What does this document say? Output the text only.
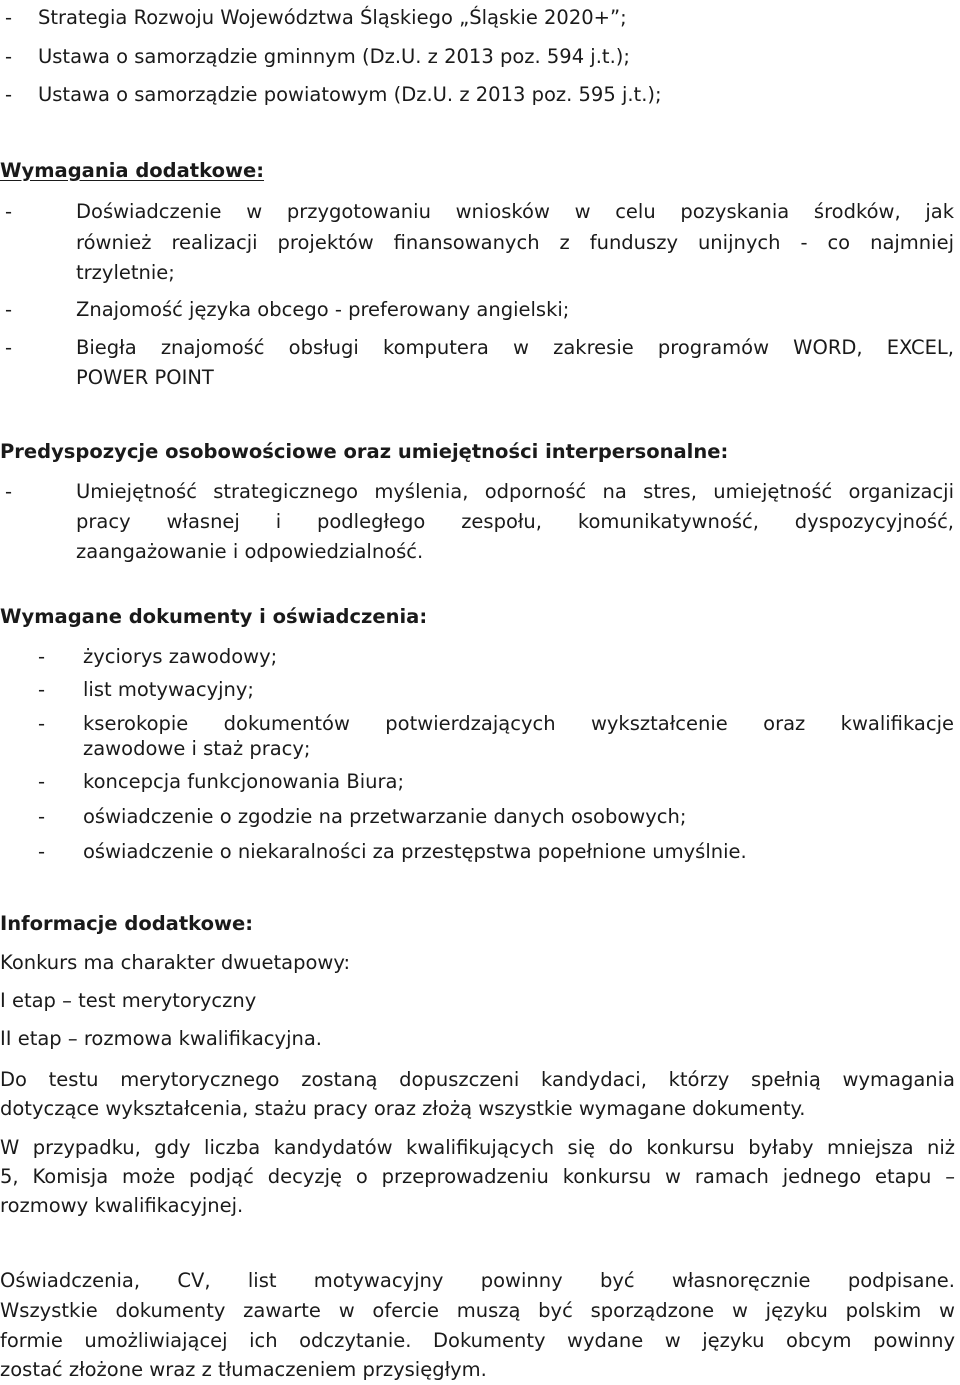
- Strategia Rozwoju Województwa Śląskiego „Śląskie 2020+”;
- Ustawa o samorządzie gminnym (Dz.U. z 2013 poz. 594 j.t.);
- Ustawa o samorządzie powiatowym (Dz.U. z 2013 poz. 595 j.t.);
Wymagania dodatkowe:
-	Doświadczenie w przygotowaniu wniosków w celu pozyskania środków, jak
również realizacji projektów finansowanych z funduszy unijnych - co najmniej
trzyletnie;
-	Znajomość języka obcego - preferowany angielski;
-	Biegła znajomość obsługi komputera w zakresie programów WORD, EXCEL,
POWER POINT
Predyspozycje osobowościowe oraz umiejętności interpersonalne:
-	Umiejętność strategicznego myślenia, odporność na stres, umiejętność organizacji
pracy własnej i podległego zespołu, komunikatywność, dyspozycyjność,
zaangażowanie i odpowiedzialność.
Wymagane dokumenty i oświadczenia:
- życiorys zawodowy;
- list motywacyjny;
- kserokopie dokumentów potwierdzających wykształcenie oraz kwalifikacje
zawodowe i staż pracy;
- koncepcja funkcjonowania Biura;
- oświadczenie o zgodzie na przetwarzanie danych osobowych;
- oświadczenie o niekaralności za przestępstwa popełnione umyślnie.
Informacje dodatkowe:
Konkurs ma charakter dwuetapowy:
I etap – test merytoryczny
II etap – rozmowa kwalifikacyjna.
Do testu merytorycznego zostaną dopuszczeni kandydaci, którzy spełnią wymagania
dotyczące wykształcenia, stażu pracy oraz złożą wszystkie wymagane dokumenty.
W przypadku, gdy liczba kandydatów kwalifikujących się do konkursu byłaby mniejsza niż
5, Komisja może podjąć decyzję o przeprowadzeniu konkursu w ramach jednego etapu –
rozmowy kwalifikacyjnej.
Oświadczenia, CV, list motywacyjny powinny być własnoręcznie podpisane.
Wszystkie dokumenty zawarte w ofercie muszą być sporządzone w języku polskim w
formie umożliwiającej ich odczytanie. Dokumenty wydane w języku obcym powinny
zostać złożone wraz z tłumaczeniem przysięgłym.
